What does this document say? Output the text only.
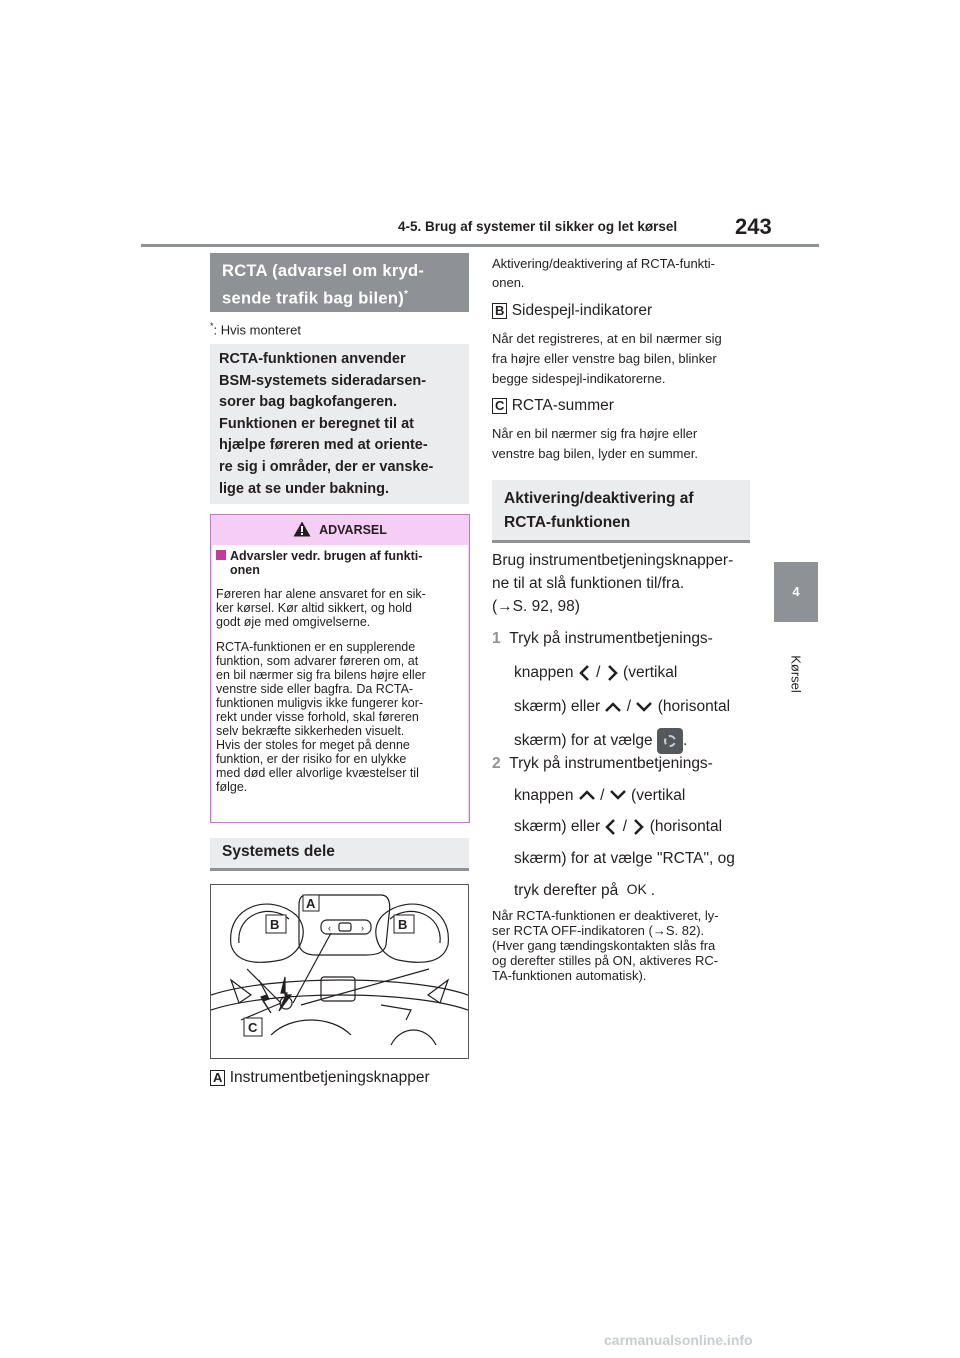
4-5. Brug af systemer til sikker og let kørsel	243
4
Kørsel
RCTA (advarsel om kryd-
sende trafik bag bilen)*
*: Hvis monteret
RCTA-funktionen anvender
BSM-systemets sideradarsen-
sorer bag bagkofangeren.
Funktionen er beregnet til at
hjælpe føreren med at oriente-
re sig i områder, der er vanske-
lige at se under bakning.
ADVARSEL
Advarsler vedr. brugen af funkti-
onen
Føreren har alene ansvaret for en sik-
ker kørsel. Kør altid sikkert, og hold
godt øje med omgivelserne.
RCTA-funktionen er en supplerende
funktion, som advarer føreren om, at
en bil nærmer sig fra bilens højre eller
venstre side eller bagfra. Da RCTA-
funktionen muligvis ikke fungerer kor-
rekt under visse forhold, skal føreren
selv bekræfte sikkerheden visuelt.
Hvis der stoles for meget på denne
funktion, er der risiko for en ulykke
med død eller alvorlige kvæstelser til
følge.
Systemets dele
‹	›
A
B	B
C
A Instrumentbetjeningsknapper
Aktivering/deaktivering af RCTA-funkti-
onen.
B Sidespejl-indikatorer
Når det registreres, at en bil nærmer sig
fra højre eller venstre bag bilen, blinker
begge sidespejl-indikatorerne.
C RCTA-summer
Når en bil nærmer sig fra højre eller
venstre bag bilen, lyder en summer.
Aktivering/deaktivering af
RCTA-funktionen
Brug instrumentbetjeningsknapper-
ne til at slå funktionen til/fra.
(→S. 92, 98)
1 Tryk på instrumentbetjenings-
knappen / (vertikal
skærm) eller / (horisontal
skærm) for at vælge .
2 Tryk på instrumentbetjenings-
knappen / (vertikal
skærm) eller / (horisontal
skærm) for at vælge "RCTA", og
tryk derefter på OK .
Når RCTA-funktionen er deaktiveret, ly-
ser RCTA OFF-indikatoren (→S. 82).
(Hver gang tændingskontakten slås fra
og derefter stilles på ON, aktiveres RC-
TA-funktionen automatisk).
carmanualsonline.info
